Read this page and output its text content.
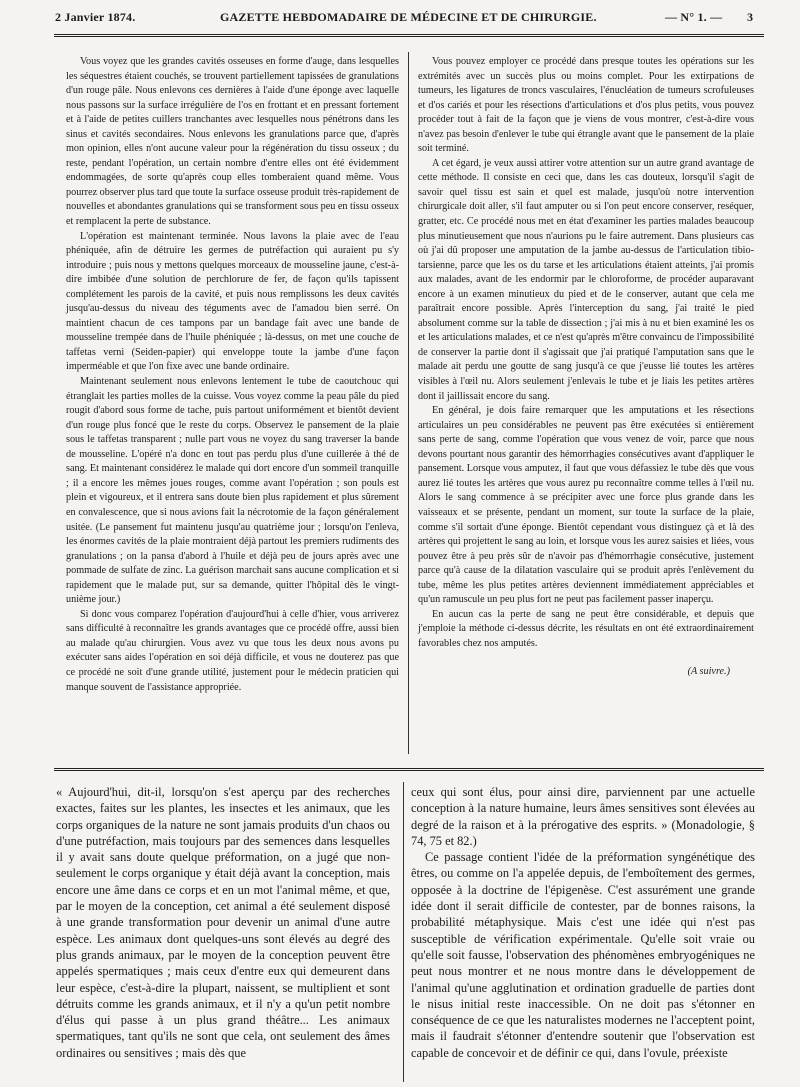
2 Janvier 1874.	GAZETTE HEBDOMADAIRE DE MÉDECINE ET DE CHIRURGIE.	— N° 1. — 3

Vous voyez que les grandes cavités osseuses en forme d'auge, dans lesquelles les séquestres étaient couchés, se trouvent partiellement tapissées de granulations d'un rouge pâle. Nous enlevons ces dernières à l'aide d'une éponge avec laquelle nous passons sur la surface irrégulière de l'os en frottant et en pressant fortement et à l'aide de petites cuillers tranchantes avec lesquelles nous pénétrons dans les sinus et cavités secondaires. Nous enlevons les granulations parce que, d'après mon opinion, elles n'ont aucune valeur pour la régénération du tissu osseux ; du reste, pendant l'opération, un certain nombre d'entre elles ont été évidemment endommagées, de sorte qu'après coup elles tomberaient quand même. Vous pourrez observer plus tard que toute la surface osseuse produit très-rapidement de nouvelles et abondantes granulations qui se transforment sous peu en tissu osseux et remplacent la perte de substance.

L'opération est maintenant terminée. Nous lavons la plaie avec de l'eau phéniquée, afin de détruire les germes de putréfaction qui auraient pu s'y introduire ; puis nous y mettons quelques morceaux de mousseline jaune, c'est-à-dire imbibée d'une solution de perchlorure de fer, de façon qu'ils tapissent complétement les parois de la cavité, et puis nous remplissons les deux cavités jusqu'au-dessus du niveau des téguments avec de l'amadou bien serré. On maintient chacun de ces tampons par un bandage fait avec une bande de mousseline trempée dans de l'huile phéniquée ; là-dessus, on met une couche de taffetas verni (Seiden-papier) qui enveloppe toute la jambe d'une façon imperméable et que l'on fixe avec une bande ordinaire.

Maintenant seulement nous enlevons lentement le tube de caoutchouc qui étranglait les parties molles de la cuisse. Vous voyez comme la peau pâle du pied rougit d'abord sous forme de tache, puis partout uniformément et bientôt devient d'un rouge plus foncé que le reste du corps. Observez le pansement de la plaie sous le taffetas transparent ; nulle part vous ne voyez du sang traverser la bande de mousseline. L'opéré n'a donc en tout pas perdu plus d'une cuillerée à thé de sang. Et maintenant considérez le malade qui dort encore d'un sommeil tranquille ; il a encore les mêmes joues rouges, comme avant l'opération ; son pouls est plein et vigoureux, et il entrera sans doute bien plus rapidement et plus sûrement en convalescence, que si nous avions fait la nécrotomie de la façon généralement usitée. (Le pansement fut maintenu jusqu'au quatrième jour ; lorsqu'on l'enleva, les énormes cavités de la plaie montraient déjà partout les premiers rudiments des granulations ; on la pansa d'abord à l'huile et déjà peu de jours après avec une pommade de sulfate de zinc. La guérison marchait sans aucune complication et si rapidement que le malade put, sur sa demande, quitter l'hôpital dès le vingt-unième jour.)

Si donc vous comparez l'opération d'aujourd'hui à celle d'hier, vous arriverez sans difficulté à reconnaître les grands avantages que ce procédé offre, aussi bien au malade qu'au chirurgien. Vous avez vu que tous les deux nous avons pu exécuter sans aides l'opération en soi déjà difficile, et vous ne douterez pas que ce procédé ne soit d'une grande utilité, justement pour le médecin praticien qui manque souvent de l'assistance appropriée.

Vous pouvez employer ce procédé dans presque toutes les opérations sur les extrémités avec un succès plus ou moins complet. Pour les extirpations de tumeurs, les ligatures de troncs vasculaires, l'énucléation de tumeurs scrofuleuses et d'os cariés et pour les résections d'articulations et d'os plus petits, vous pouvez procéder tout à fait de la façon que je viens de vous montrer, c'est-à-dire vous n'avez pas besoin d'enlever le tube qui étrangle avant que le pansement de la plaie soit terminé.

A cet égard, je veux aussi attirer votre attention sur un autre grand avantage de cette méthode. Il consiste en ceci que, dans les cas douteux, lorsqu'il s'agit de savoir quel tissu est sain et quel est malade, jusqu'où notre intervention chirurgicale doit aller, s'il faut amputer ou si l'on peut encore conserver, reséquer, gratter, etc. Ce procédé nous met en état d'examiner les parties malades beaucoup plus minutieusement que nous n'aurions pu le faire autrement. Dans plusieurs cas où j'ai dû proposer une amputation de la jambe au-dessus de l'articulation tibio-tarsienne, parce que les os du tarse et les articulations étaient atteints, j'ai promis aux malades, avant de les endormir par le chloroforme, de procéder auparavant encore à un examen minutieux du pied et de le conserver, autant que cela me paraîtrait encore possible. Après l'interception du sang, j'ai traité le pied absolument comme sur la table de dissection ; j'ai mis à nu et bien examiné les os et les articulations malades, et ce n'est qu'après m'être convaincu de l'impossibilité de conserver la partie dont il s'agissait que j'ai pratiqué l'amputation sans que le malade ait perdu une goutte de sang jusqu'à ce que j'eusse lié toutes les artères visibles à l'œil nu. Alors seulement j'enlevais le tube et je liais les petites artères dont il jaillissait encore du sang.

En général, je dois faire remarquer que les amputations et les résections articulaires un peu considérables ne peuvent pas être exécutées si entièrement sans perte de sang, comme l'opération que vous venez de voir, parce que nous devons pourtant nous garantir des hémorrhagies consécutives avant d'appliquer le pansement. Lorsque vous amputez, il faut que vous défassiez le tube dès que vous aurez lié toutes les artères que vous aurez pu reconnaître comme telles à l'œil nu. Alors le sang commence à se précipiter avec une force plus grande dans les vaisseaux et se présente, pendant un moment, sur toute la surface de la plaie, comme s'il sortait d'une éponge. Bientôt cependant vous distinguez çà et là des artères qui projettent le sang au loin, et lorsque vous les aurez saisies et liées, vous pouvez être à peu près sûr de n'avoir pas d'hémorrhagie consécutive, justement parce qu'à cause de la dilatation vasculaire qui se produit après l'enlèvement du tube, même les plus petites artères deviennent immédiatement appréciables et qu'un ramuscule un peu plus fort ne peut pas facilement passer inaperçu.

En aucun cas la perte de sang ne peut être considérable, et depuis que j'emploie la méthode ci-dessus décrite, les résultats en ont été extraordinairement favorables chez nos amputés.

(A suivre.)

« Aujourd'hui, dit-il, lorsqu'on s'est aperçu par des recherches exactes, faites sur les plantes, les insectes et les animaux, que les corps organiques de la nature ne sont jamais produits d'un chaos ou d'une putréfaction, mais toujours par des semences dans lesquelles il y avait sans doute quelque préformation, on a jugé que non-seulement le corps organique y était déjà avant la conception, mais encore une âme dans ce corps et en un mot l'animal même, et que, par le moyen de la conception, cet animal a été seulement disposé à une grande transformation pour devenir un animal d'une autre espèce. Les animaux dont quelques-uns sont élevés au degré des plus grands animaux, par le moyen de la conception peuvent être appelés spermatiques ; mais ceux d'entre eux qui demeurent dans leur espèce, c'est-à-dire la plupart, naissent, se multiplient et sont détruits comme les grands animaux, et il n'y a qu'un petit nombre d'élus qui passe à un plus grand théâtre... Les animaux spermatiques, tant qu'ils ne sont que cela, ont seulement des âmes ordinaires ou sensitives ; mais dès que

ceux qui sont élus, pour ainsi dire, parviennent par une actuelle conception à la nature humaine, leurs âmes sensitives sont élevées au degré de la raison et à la prérogative des esprits. » (Monadologie, § 74, 75 et 82.)

Ce passage contient l'idée de la préformation syngénétique des êtres, ou comme on l'a appelée depuis, de l'emboîtement des germes, opposée à la doctrine de l'épigenèse. C'est assurément une grande idée dont il serait difficile de contester, par de bonnes raisons, la probabilité métaphysique. Mais c'est une idée qui n'est pas susceptible de vérification expérimentale. Qu'elle soit vraie ou qu'elle soit fausse, l'observation des phénomènes embryogéniques ne peut nous montrer et ne nous montre dans le développement de l'animal qu'une agglutination et ordination graduelle de parties dont le nisus initial reste inaccessible. On ne doit pas s'étonner en conséquence de ce que les naturalistes modernes ne l'acceptent point, mais il faudrait s'étonner d'entendre soutenir que l'observation est capable de concevoir et de définir ce qui, dans l'ovule, préexiste
